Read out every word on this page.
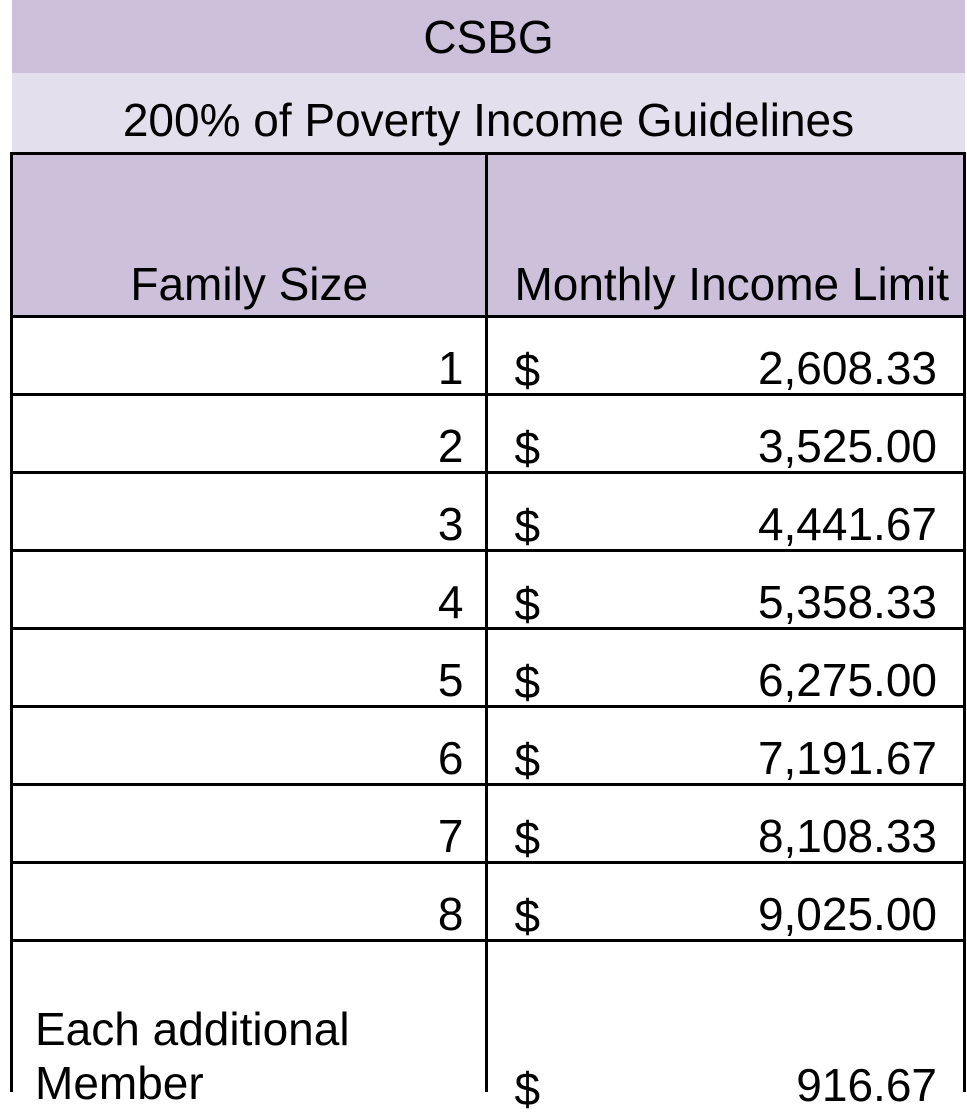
CSBG
200% of Poverty Income Guidelines
Family Size	Monthly Income Limit
1	$ 2,608.33

2	$ 3,525.00

3	$ 4,441.67

4	$ 5,358.33

5	$ 6,275.00

6	$ 7,191.67

7	$ 8,108.33

8	$ 9,025.00

Each additional Member	$ 916.67
